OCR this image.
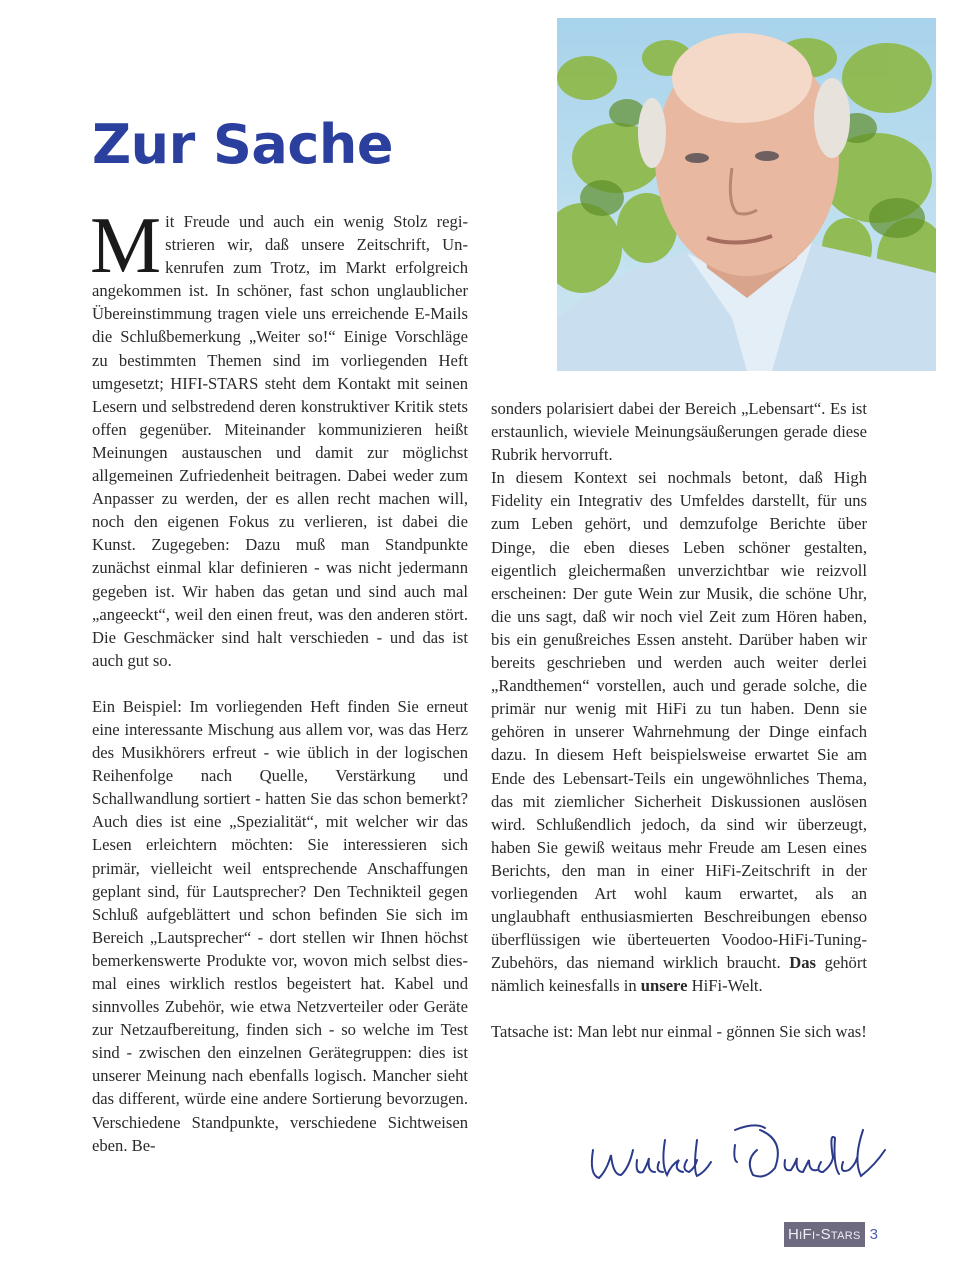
Zur Sache

Mit Freude und auch ein wenig Stolz registrieren wir, daß unsere Zeitschrift, Unkenrufen zum Trotz, im Markt erfolgreich angekommen ist. In schöner, fast schon unglaublicher Übereinstimmung tragen viele uns erreichende E-Mails die Schlußbemerkung „Weiter so!“ Einige Vorschläge zu bestimmten Themen sind im vorliegenden Heft umgesetzt; HIFI-STARS steht dem Kontakt mit seinen Lesern und selbstredend deren konstruktiver Kritik stets offen gegenüber. Miteinander kommunizieren heißt Meinungen austauschen und damit zur möglichst allgemeinen Zufriedenheit beitragen. Dabei weder zum Anpasser zu werden, der es allen recht machen will, noch den eigenen Fokus zu verlieren, ist dabei die Kunst. Zugegeben: Dazu muß man Standpunkte zunächst einmal klar definieren - was nicht jedermann gegeben ist. Wir haben das getan und sind auch mal „angeeckt“, weil den einen freut, was den anderen stört. Die Geschmäcker sind halt verschieden - und das ist auch gut so.

Ein Beispiel: Im vorliegenden Heft finden Sie erneut eine interessante Mischung aus allem vor, was das Herz des Musikhörers erfreut - wie üblich in der logischen Reihenfolge nach Quelle, Verstärkung und Schallwandlung sortiert - hatten Sie das schon bemerkt? Auch dies ist eine „Spezialität“, mit welcher wir das Lesen erleichtern möchten: Sie interessieren sich primär, vielleicht weil entsprechende Anschaffungen geplant sind, für Lautsprecher? Den Technikteil gegen Schluß aufgeblättert und schon befinden Sie sich im Bereich „Lautsprecher“ - dort stellen wir Ihnen höchst bemerkenswerte Produkte vor, wovon mich selbst diesmal eines wirklich restlos begeistert hat. Kabel und sinnvolles Zubehör, wie etwa Netzverteiler oder Geräte zur Netzaufbereitung, finden sich - so welche im Test sind - zwischen den einzelnen Gerätegruppen: dies ist unserer Meinung nach ebenfalls logisch. Mancher sieht das different, würde eine andere Sortierung bevorzugen. Verschiedene Standpunkte, verschiedene Sichtweisen eben. Be-

sonders polarisiert dabei der Bereich „Lebensart“. Es ist erstaunlich, wieviele Meinungsäußerungen gerade diese Rubrik hervorruft.

In diesem Kontext sei nochmals betont, daß High Fidelity ein Integrativ des Umfeldes darstellt, für uns zum Leben gehört, und demzufolge Berichte über Dinge, die eben dieses Leben schöner gestalten, eigentlich gleichermaßen unverzichtbar wie reizvoll erscheinen: Der gute Wein zur Musik, die schöne Uhr, die uns sagt, daß wir noch viel Zeit zum Hören haben, bis ein genußreiches Essen ansteht. Darüber haben wir bereits geschrieben und werden auch weiter derlei „Randthemen“ vorstellen, auch und gerade solche, die primär nur wenig mit HiFi zu tun haben. Denn sie gehören in unserer Wahrnehmung der Dinge einfach dazu. In diesem Heft beispielsweise erwartet Sie am Ende des Lebensart-Teils ein ungewöhnliches Thema, das mit ziemlicher Sicherheit Diskussionen auslösen wird. Schlußendlich jedoch, da sind wir überzeugt, haben Sie gewiß weitaus mehr Freude am Lesen eines Berichts, den man in einer HiFi-Zeitschrift in der vorliegenden Art wohl kaum erwartet, als an unglaubhaft enthusiasmierten Beschreibungen ebenso überflüssigen wie überteuerten Voodoo-HiFi-Tuning-Zubehörs, das niemand wirklich braucht. Das gehört nämlich keinesfalls in unsere HiFi-Welt.

Tatsache ist: Man lebt nur einmal - gönnen Sie sich was!

HiFi-Stars 3
